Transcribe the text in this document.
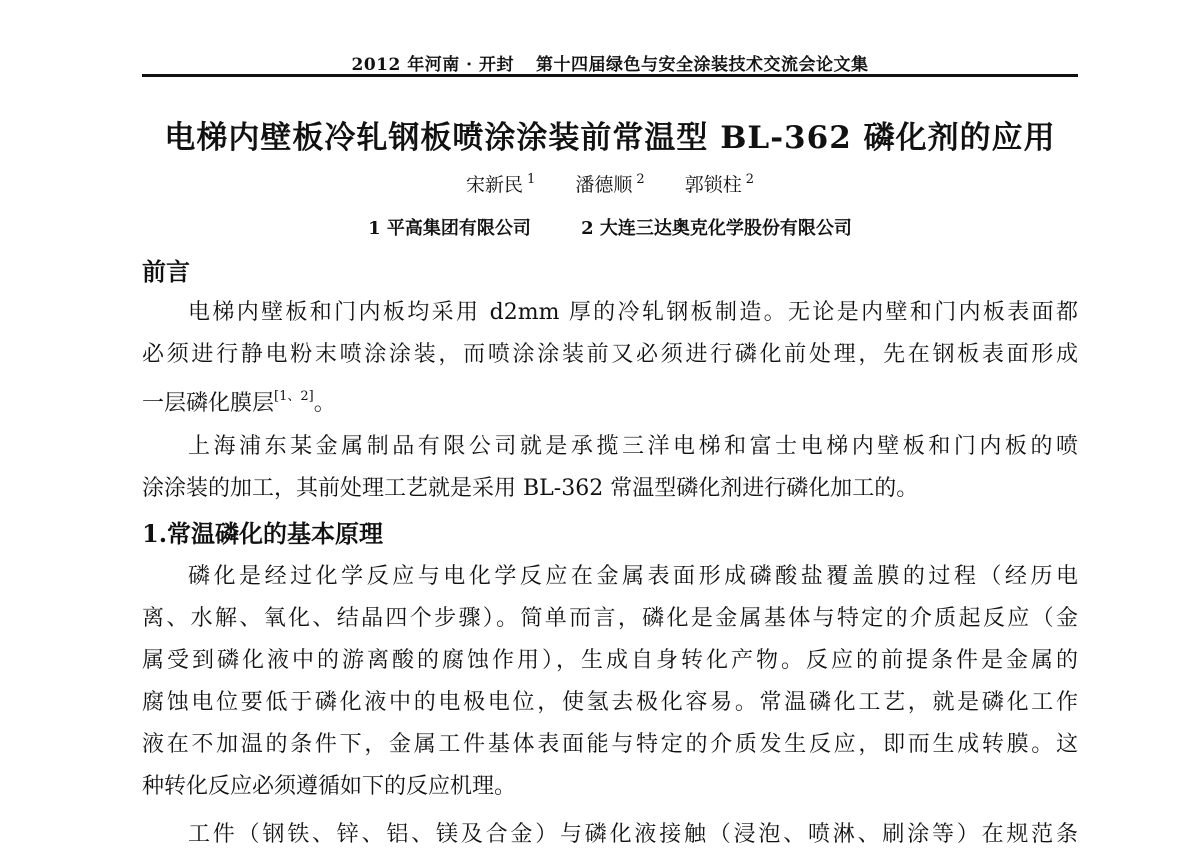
2012 年河南 · 开封 第十四届绿色与安全涂装技术交流会论文集
电梯内壁板冷轧钢板喷涂涂装前常温型 BL-362 磷化剂的应用
宋新民 $^1$ 潘德顺 $^2$ 郭锁柱 $^2$
1 平高集团有限公司	2 大连三达奥克化学股份有限公司
前言
电梯内壁板和门内板均采用 d2mm 厚的冷轧钢板制造。无论是内壁和门内板表面都
必须进行静电粉末喷涂涂装，而喷涂涂装前又必须进行磷化前处理，先在钢板表面形成
一层磷化膜层[1、2]。
上海浦东某金属制品有限公司就是承揽三洋电梯和富士电梯内壁板和门内板的喷
涂涂装的加工，其前处理工艺就是采用 BL-362 常温型磷化剂进行磷化加工的。
1.常温磷化的基本原理
磷化是经过化学反应与电化学反应在金属表面形成磷酸盐覆盖膜的过程（经历电
离、水解、氧化、结晶四个步骤）。简单而言，磷化是金属基体与特定的介质起反应（金
属受到磷化液中的游离酸的腐蚀作用），生成自身转化产物。反应的前提条件是金属的
腐蚀电位要低于磷化液中的电极电位，使氢去极化容易。常温磷化工艺，就是磷化工作
液在不加温的条件下，金属工件基体表面能与特定的介质发生反应，即而生成转膜。这
种转化反应必须遵循如下的反应机理。
工件（钢铁、锌、铝、镁及合金）与磷化液接触（浸泡、喷淋、刷涂等）在规范条
